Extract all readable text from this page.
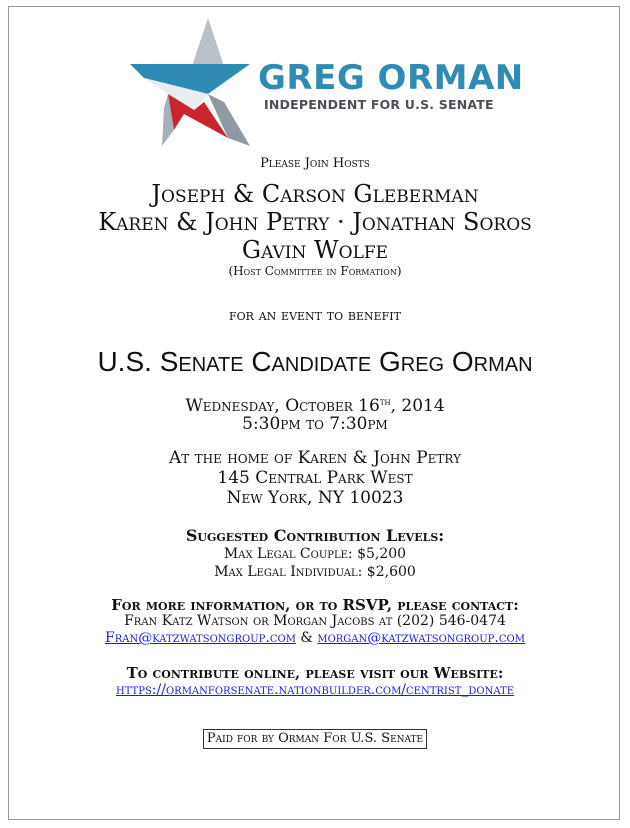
GREG ORMAN
INDEPENDENT FOR U.S. SENATE
Please Join Hosts
Joseph & Carson Gleberman
Karen & John Petry · Jonathan Soros
Gavin Wolfe
(Host Committee in Formation)
for an event to benefit
U.S. Senate Candidate Greg Orman
Wednesday, October 16th, 2014
5:30pm to 7:30pm
At the home of Karen & John Petry
145 Central Park West
New York, NY 10023
Suggested Contribution Levels:
Max Legal Couple: $5,200
Max Legal Individual: $2,600
For more information, or to RSVP, please contact:
Fran Katz Watson or Morgan Jacobs at (202) 546-0474
Fran@katzwatsongroup.com & morgan@katzwatsongroup.com
To contribute online, please visit our Website:
https://ormanforsenate.nationbuilder.com/centrist_donate
Paid for by Orman For U.S. Senate
